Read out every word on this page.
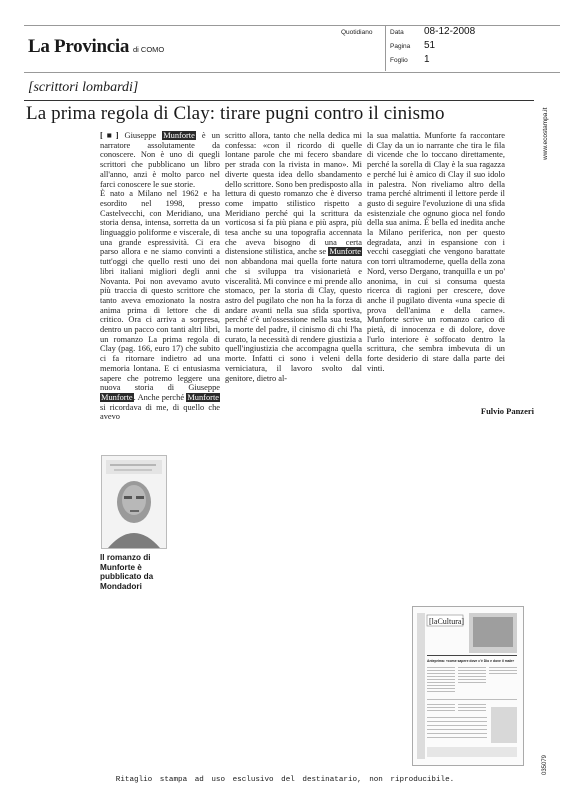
La Provincia di COMO
Quotidiano	Data 08-12-2008
Pagina 51
Foglio 1
[scrittori lombardi]
La prima regola di Clay: tirare pugni contro il cinismo

[■] Giuseppe Munforte è un narratore assolutamente da conoscere. Non è uno di quegli scrittori che pubblicano un libro all'anno, anzi è molto parco nel farci conoscere le sue storie.

È nato a Milano nel 1962 e ha esordito nel 1998, presso Castelvecchi, con Meridiano, una storia densa, intensa, sorretta da un linguaggio poliforme e viscerale, di una grande espressività. Ci era parso allora e ne siamo convinti a tutt'oggi che quello resti uno dei libri italiani migliori degli anni Novanta. Poi non avevamo avuto più traccia di questo scrittore che tanto aveva emozionato la nostra anima prima di lettore che di critico. Ora ci arriva a sorpresa, dentro un pacco con tanti altri libri, un romanzo La prima regola di Clay (pag. 166, euro 17) che subito ci fa ritornare indietro ad una memoria lontana. E ci entusiasma sapere che potremo leggere una nuova storia di Giuseppe Munforte. Anche perché Munforte si ricordava di me, di quello che avevo

scritto allora, tanto che nella dedica mi confessa: «con il ricordo di quelle lontane parole che mi fecero sbandare per strada con la rivista in mano». Mi diverte questa idea dello sbandamento dello scrittore. Sono ben predisposto alla lettura di questo romanzo che è diverso come impatto stilistico rispetto a Meridiano perché qui la scrittura da vorticosa si fa più piana e più aspra, più tesa anche su una topografia accennata che aveva bisogno di una certa distensione stilistica, anche se Munforte non abbandona mai quella forte natura che si sviluppa tra visionarietà e visceralità. Mi convince e mi prende allo stomaco, per la storia di Clay, questo astro del pugilato che non ha la forza di andare avanti nella sua sfida sportiva, perché c'è un'ossessione nella sua testa, la morte del padre, il cinismo di chi l'ha curato, la necessità di rendere giustizia a quell'ingiustizia che accompagna quella morte. Infatti ci sono i veleni della verniciatura, il lavoro svolto dal genitore, dietro al-

la sua malattia. Munforte fa raccontare di Clay da un io narrante che tira le fila di vicende che lo toccano direttamente, perché la sorella di Clay è la sua ragazza e perché lui è amico di Clay il suo idolo in palestra. Non riveliamo altro della trama perché altrimenti il lettore perde il gusto di seguire l'evoluzione di una sfida esistenziale che ognuno gioca nel fondo della sua anima. È bella ed inedita anche la Milano periferica, non per questo degradata, anzi in espansione con i vecchi caseggiati che vengono barattate con torri ultramoderne, quella della zona Nord, verso Dergano, tranquilla e un po' anonima, in cui si consuma questa ricerca di ragioni per crescere, dove anche il pugilato diventa «una specie di prova dell'anima e della carne». Munforte scrive un romanzo carico di pietà, di innocenza e di dolore, dove l'urlo interiore è soffocato dentro la scrittura, che sembra imbevuta di un forte desiderio di stare dalla parte dei vinti.

Fulvio Panzeri
Il romanzo di Munforte è pubblicato da Mondadori
[laCultura]
Anteprima: «come sapere dove c'è Dio e dove il male»
www.ecostampa.it
035079
Ritaglio stampa ad uso esclusivo del destinatario, non riproducibile.
